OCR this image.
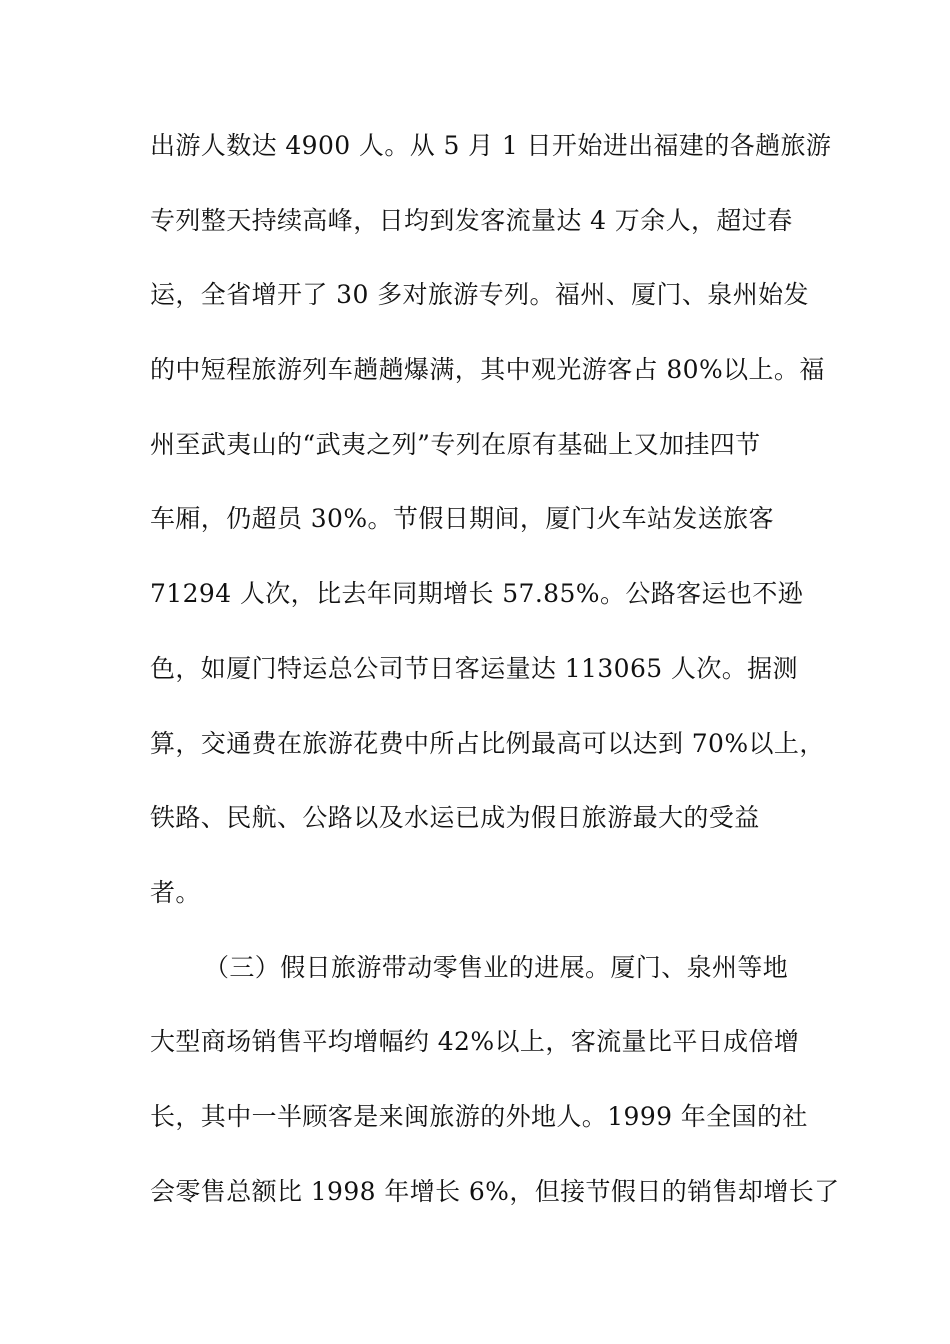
出游人数达 4900 人。从 5 月 1 日开始进出福建的各趟旅游
专列整天持续高峰，日均到发客流量达 4 万余人，超过春
运，全省增开了 30 多对旅游专列。福州、厦门、泉州始发
的中短程旅游列车趟趟爆满，其中观光游客占 80%以上。福
州至武夷山的“武夷之列”专列在原有基础上又加挂四节
车厢，仍超员 30%。节假日期间，厦门火车站发送旅客
71294 人次，比去年同期增长 57.85%。公路客运也不逊
色，如厦门特运总公司节日客运量达 113065 人次。据测
算，交通费在旅游花费中所占比例最高可以达到 70%以上，
铁路、民航、公路以及水运已成为假日旅游最大的受益
者。
（三）假日旅游带动零售业的进展。厦门、泉州等地
大型商场销售平均增幅约 42%以上，客流量比平日成倍增
长，其中一半顾客是来闽旅游的外地人。1999 年全国的社
会零售总额比 1998 年增长 6%，但接节假日的销售却增长了
